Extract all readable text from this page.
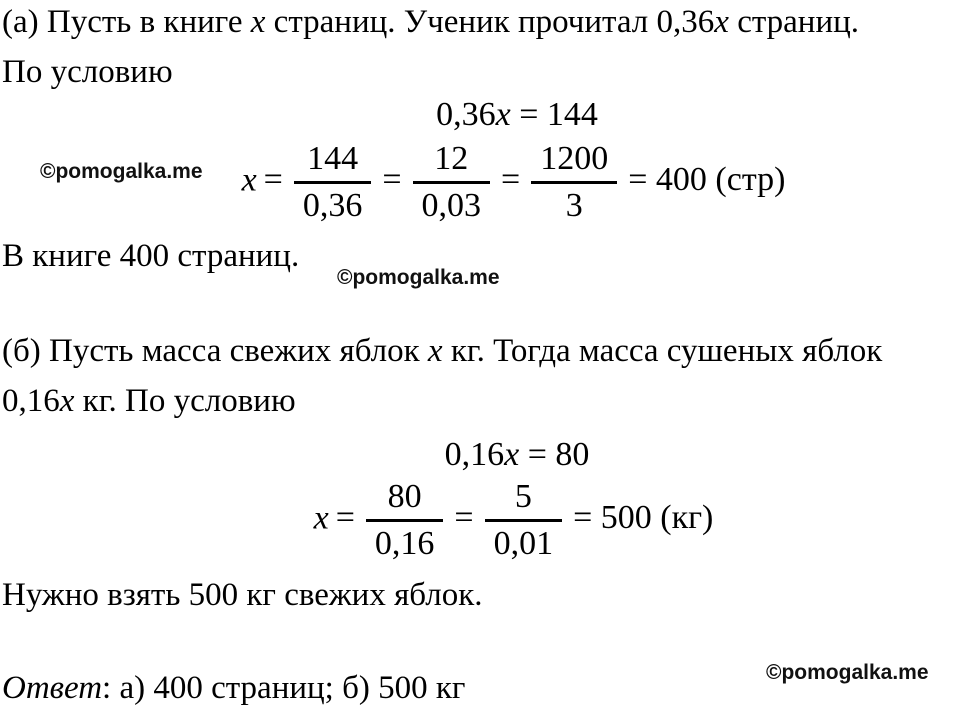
(а) Пусть в книге x страниц. Ученик прочитал 0,36x страниц.
По условию
0,36x = 144
$x = \frac{144}{0,36} = \frac{12}{0,03} = \frac{1200}{3} = 400$ (стр)
©pomogalka.me
В книге 400 страниц.
©pomogalka.me
(б) Пусть масса свежих яблок x кг. Тогда масса сушеных яблок
0,16x кг. По условию
0,16x = 80
$x = \frac{80}{0,16} = \frac{5}{0,01} = 500$ (кг)
Нужно взять 500 кг свежих яблок.
©pomogalka.me
Ответ: а) 400 страниц; б) 500 кг
